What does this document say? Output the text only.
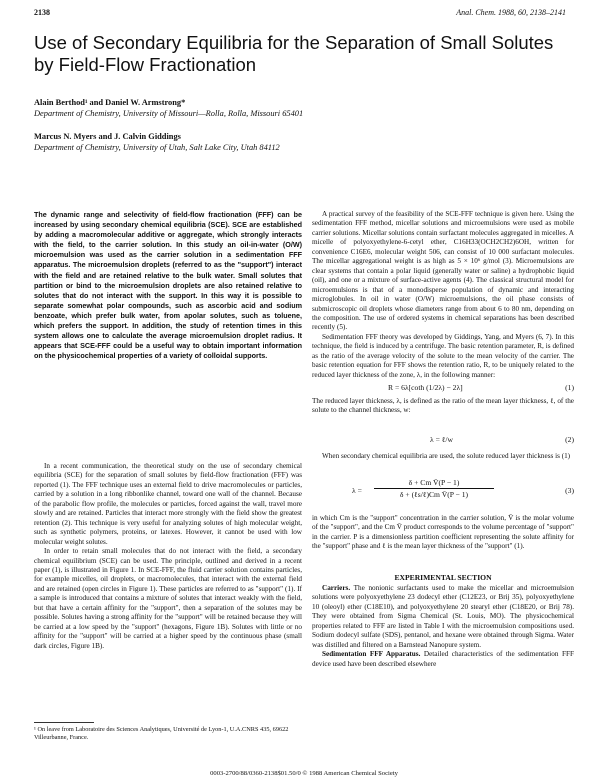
2138	Anal. Chem. 1988, 60, 2138–2141
Use of Secondary Equilibria for the Separation of Small Solutes by Field-Flow Fractionation
Alain Berthod¹ and Daniel W. Armstrong*
Department of Chemistry, University of Missouri—Rolla, Rolla, Missouri 65401
Marcus N. Myers and J. Calvin Giddings
Department of Chemistry, University of Utah, Salt Lake City, Utah 84112

The dynamic range and selectivity of field-flow fractionation (FFF) can be increased by using secondary chemical equilibria (SCE). SCE are established by adding a macromolecular additive or aggregate, which strongly interacts with the field, to the carrier solution. In this study an oil-in-water (O/W) microemulsion was used as the carrier solution in a sedimentation FFF apparatus. The microemulsion droplets (referred to as the "support") interact with the field and are retained relative to the bulk water. Small solutes that partition or bind to the microemulsion droplets are also retained relative to solutes that do not interact with the support. In this way it is possible to separate somewhat polar compounds, such as ascorbic acid and sodium benzoate, which prefer bulk water, from apolar solutes, such as toluene, which prefers the support. In addition, the study of retention times in this system allows one to calculate the average microemulsion droplet radius. It appears that SCE-FFF could be a useful way to obtain important information on the physicochemical properties of a variety of colloidal supports.

In a recent communication, the theoretical study on the use of secondary chemical equilibria (SCE) for the separation of small solutes by field-flow fractionation (FFF) was reported (1). The FFF technique uses an external field to drive macromolecules or particles, carried by a solution in a long ribbonlike channel, toward one wall of the channel. Because of the parabolic flow profile, the molecules or particles, forced against the wall, travel more slowly and are retained. Particles that interact more strongly with the field show the greatest retention (2). This technique is very useful for analyzing solutes of high molecular weight, such as synthetic polymers, proteins, or latexes. However, it cannot be used with low molecular weight solutes.

In order to retain small molecules that do not interact with the field, a secondary chemical equilibrium (SCE) can be used. The principle, outlined and derived in a recent paper (1), is illustrated in Figure 1. In SCE-FFF, the fluid carrier solution contains particles, for example micelles, oil droplets, or macromolecules, that interact with the external field and are retained (open circles in Figure 1). These particles are referred to as "support" (1). If a sample is introduced that contains a mixture of solutes that interact weakly with the field, but that have a certain affinity for the "support", then a separation of the solutes may be possible. Solutes having a strong affinity for the "support" will be retained because they will be carried at a low speed by the "support" (hexagons, Figure 1B). Solutes with little or no affinity for the "support" will be carried at a higher speed by the continuous phase (small dark circles, Figure 1B).

¹ On leave from Laboratoire des Sciences Analytiques, Université de Lyon-1, U.A.CNRS 435, 69622 Villeurbanne, France.

A practical survey of the feasibility of the SCE-FFF technique is given here. Using the sedimentation FFF method, micellar solutions and microemulsions were used as mobile carrier solutions. Micellar solutions contain surfactant molecules aggregated in micelles. A micelle of polyoxyethylene-6-cetyl ether, C16H33(OCH2CH2)6OH, written for convenience C16E6, molecular weight 506, can consist of 10 000 surfactant molecules. The micellar aggregational weight is as high as 5 × 10⁶ g/mol (3). Microemulsions are clear systems that contain a polar liquid (generally water or saline) a hydrophobic liquid (oil), and one or a mixture of surface-active agents (4). The classical structural model for microemulsions is that of a monodisperse population of dynamic and interacting microglobules. In oil in water (O/W) microemulsions, the oil phase consists of submicroscopic oil droplets whose diameters range from about 6 to 80 nm, depending on the composition. The use of ordered systems in chemical separations has been described recently (5).

Sedimentation FFF theory was developed by Giddings, Yang, and Myers (6, 7). In this technique, the field is induced by a centrifuge. The basic retention parameter, R, is defined as the ratio of the average velocity of the solute to the mean velocity of the carrier. The basic retention equation for FFF shows the retention ratio, R, to be uniquely related to the reduced layer thickness of the zone, λ, in the following manner:

R = 6λ[coth (1/2λ) − 2λ]	(1)

The reduced layer thickness, λ, is defined as the ratio of the mean layer thickness, ℓ, of the solute to the channel thickness, w:

λ = ℓ/w	(2)

When secondary chemical equilibria are used, the solute reduced layer thickness is (1)

λ =
δ + Cm V̄(P − 1)
δ + (ℓs/ℓ)Cm V̄(P − 1)	(3)

in which Cm is the "support" concentration in the carrier solution, V̄ is the molar volume of the "support", and the Cm V̄ product corresponds to the volume percentage of "support" in the carrier. P is a dimensionless partition coefficient representing the solute affinity for the "support" phase and ℓ is the mean layer thickness of the "support" (1).

EXPERIMENTAL SECTION

Carriers. The nonionic surfactants used to make the micellar and microemulsion solutions were polyoxyethylene 23 dodecyl ether (C12E23, or Brij 35), polyoxyethylene 10 (oleoyl) ether (C18E10), and polyoxyethylene 20 stearyl ether (C18E20, or Brij 78). They were obtained from Sigma Chemical (St. Louis, MO). The physicochemical properties related to FFF are listed in Table I with the microemulsion compositions used. Sodium dodecyl sulfate (SDS), pentanol, and hexane were obtained through Sigma. Water was distilled and filtered on a Barnstead Nanopure system.

Sedimentation FFF Apparatus. Detailed characteristics of the sedimentation FFF device used have been described elsewhere

0003-2700/88/0360-2138$01.50/0 © 1988 American Chemical Society
